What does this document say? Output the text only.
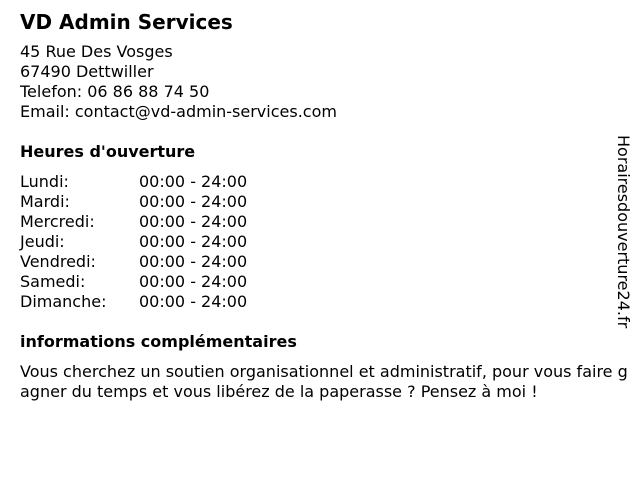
VD Admin Services
45 Rue Des Vosges
67490 Dettwiller
Telefon: 06 86 88 74 50
Email: contact@vd-admin-services.com
Heures d'ouverture
Lundi:	00:00 - 24:00
Mardi:	00:00 - 24:00
Mercredi:	00:00 - 24:00
Jeudi:	00:00 - 24:00
Vendredi:	00:00 - 24:00
Samedi:	00:00 - 24:00
Dimanche:	00:00 - 24:00
informations complémentaires
Vous cherchez un soutien organisationnel et administratif, pour vous faire gagner du temps et vous libérez de la paperasse ? Pensez à moi !
Horairesdouverture24.fr
